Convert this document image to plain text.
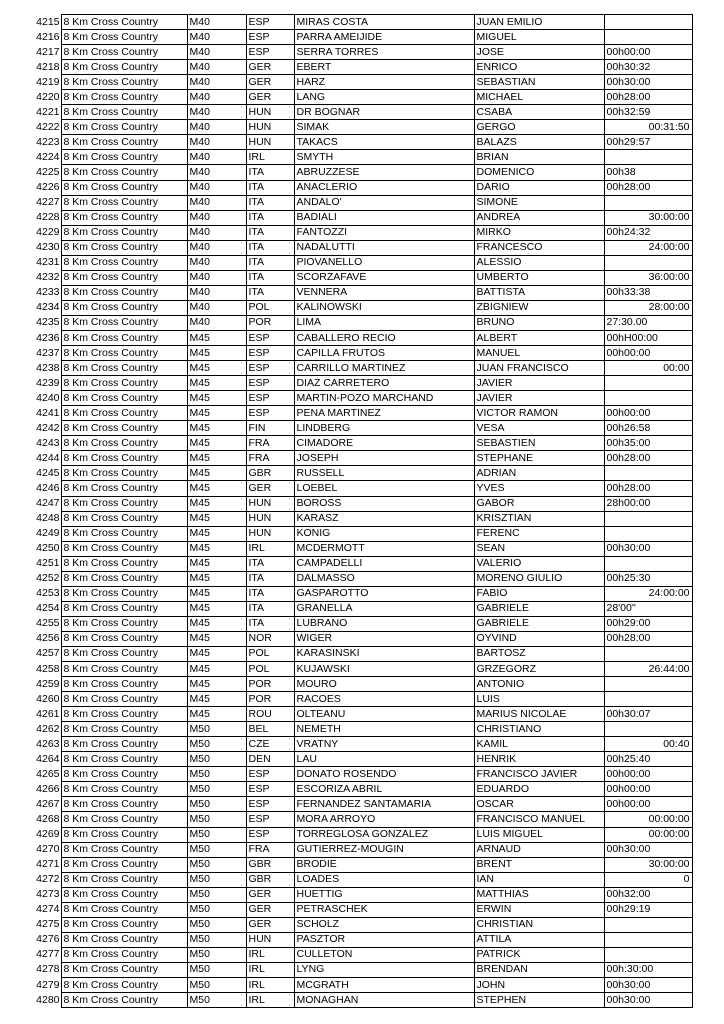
4215	8 Km Cross Country	M40	ESP	MIRAS COSTA	JUAN EMILIO	
4216	8 Km Cross Country	M40	ESP	PARRA AMEIJIDE	MIGUEL	
4217	8 Km Cross Country	M40	ESP	SERRA TORRES	JOSE	00h00:00
4218	8 Km Cross Country	M40	GER	EBERT	ENRICO	00h30:32
4219	8 Km Cross Country	M40	GER	HARZ	SEBASTIAN	00h30:00
4220	8 Km Cross Country	M40	GER	LANG	MICHAEL	00h28:00
4221	8 Km Cross Country	M40	HUN	DR BOGNAR	CSABA	00h32:59
4222	8 Km Cross Country	M40	HUN	SIMAK	GERGO	00:31:50
4223	8 Km Cross Country	M40	HUN	TAKACS	BALAZS	00h29:57
4224	8 Km Cross Country	M40	IRL	SMYTH	BRIAN	
4225	8 Km Cross Country	M40	ITA	ABRUZZESE	DOMENICO	00h38
4226	8 Km Cross Country	M40	ITA	ANACLERIO	DARIO	00h28:00
4227	8 Km Cross Country	M40	ITA	ANDALO'	SIMONE	
4228	8 Km Cross Country	M40	ITA	BADIALI	ANDREA	30:00:00
4229	8 Km Cross Country	M40	ITA	FANTOZZI	MIRKO	00h24:32
4230	8 Km Cross Country	M40	ITA	NADALUTTI	FRANCESCO	24:00:00
4231	8 Km Cross Country	M40	ITA	PIOVANELLO	ALESSIO	
4232	8 Km Cross Country	M40	ITA	SCORZAFAVE	UMBERTO	36:00:00
4233	8 Km Cross Country	M40	ITA	VENNERA	BATTISTA	00h33:38
4234	8 Km Cross Country	M40	POL	KALINOWSKI	ZBIGNIEW	28:00:00
4235	8 Km Cross Country	M40	POR	LIMA	BRUNO	27:30.00
4236	8 Km Cross Country	M45	ESP	CABALLERO RECIO	ALBERT	00hH00:00
4237	8 Km Cross Country	M45	ESP	CAPILLA FRUTOS	MANUEL	00h00:00
4238	8 Km Cross Country	M45	ESP	CARRILLO MARTINEZ	JUAN FRANCISCO	00:00
4239	8 Km Cross Country	M45	ESP	DIAZ CARRETERO	JAVIER	
4240	8 Km Cross Country	M45	ESP	MARTIN-POZO MARCHAND	JAVIER	
4241	8 Km Cross Country	M45	ESP	PENA MARTINEZ	VICTOR RAMON	00h00:00
4242	8 Km Cross Country	M45	FIN	LINDBERG	VESA	00h26:58
4243	8 Km Cross Country	M45	FRA	CIMADORE	SEBASTIEN	00h35:00
4244	8 Km Cross Country	M45	FRA	JOSEPH	STEPHANE	00h28:00
4245	8 Km Cross Country	M45	GBR	RUSSELL	ADRIAN	
4246	8 Km Cross Country	M45	GER	LOEBEL	YVES	00h28:00
4247	8 Km Cross Country	M45	HUN	BOROSS	GABOR	28h00:00
4248	8 Km Cross Country	M45	HUN	KARASZ	KRISZTIAN	
4249	8 Km Cross Country	M45	HUN	KONIG	FERENC	
4250	8 Km Cross Country	M45	IRL	MCDERMOTT	SEAN	00h30:00
4251	8 Km Cross Country	M45	ITA	CAMPADELLI	VALERIO	
4252	8 Km Cross Country	M45	ITA	DALMASSO	MORENO GIULIO	00h25:30
4253	8 Km Cross Country	M45	ITA	GASPAROTTO	FABIO	24:00:00
4254	8 Km Cross Country	M45	ITA	GRANELLA	GABRIELE	28'00''
4255	8 Km Cross Country	M45	ITA	LUBRANO	GABRIELE	00h29:00
4256	8 Km Cross Country	M45	NOR	WIGER	OYVIND	00h28:00
4257	8 Km Cross Country	M45	POL	KARASINSKI	BARTOSZ	
4258	8 Km Cross Country	M45	POL	KUJAWSKI	GRZEGORZ	26:44:00
4259	8 Km Cross Country	M45	POR	MOURO	ANTONIO	
4260	8 Km Cross Country	M45	POR	RACOES	LUIS	
4261	8 Km Cross Country	M45	ROU	OLTEANU	MARIUS NICOLAE	00h30:07
4262	8 Km Cross Country	M50	BEL	NEMETH	CHRISTIANO	
4263	8 Km Cross Country	M50	CZE	VRATNY	KAMIL	00:40
4264	8 Km Cross Country	M50	DEN	LAU	HENRIK	00h25:40
4265	8 Km Cross Country	M50	ESP	DONATO ROSENDO	FRANCISCO JAVIER	00h00:00
4266	8 Km Cross Country	M50	ESP	ESCORIZA ABRIL	EDUARDO	00h00:00
4267	8 Km Cross Country	M50	ESP	FERNANDEZ SANTAMARIA	OSCAR	00h00:00
4268	8 Km Cross Country	M50	ESP	MORA ARROYO	FRANCISCO MANUEL	00:00:00
4269	8 Km Cross Country	M50	ESP	TORREGLOSA GONZALEZ	LUIS MIGUEL	00:00:00
4270	8 Km Cross Country	M50	FRA	GUTIERREZ-MOUGIN	ARNAUD	00h30:00
4271	8 Km Cross Country	M50	GBR	BRODIE	BRENT	30:00:00
4272	8 Km Cross Country	M50	GBR	LOADES	IAN	0
4273	8 Km Cross Country	M50	GER	HUETTIG	MATTHIAS	00h32:00
4274	8 Km Cross Country	M50	GER	PETRASCHEK	ERWIN	00h29:19
4275	8 Km Cross Country	M50	GER	SCHOLZ	CHRISTIAN	
4276	8 Km Cross Country	M50	HUN	PASZTOR	ATTILA	
4277	8 Km Cross Country	M50	IRL	CULLETON	PATRICK	
4278	8 Km Cross Country	M50	IRL	LYNG	BRENDAN	00h:30:00
4279	8 Km Cross Country	M50	IRL	MCGRATH	JOHN	00h30:00
4280	8 Km Cross Country	M50	IRL	MONAGHAN	STEPHEN	00h30:00
